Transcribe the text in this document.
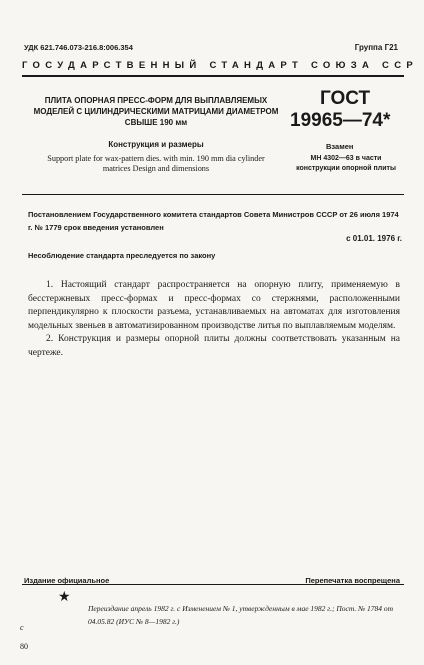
УДК 621.746.073-216.8:006.354	Группа Г21
ГОСУДАРСТВЕННЫЙ СТАНДАРТ СОЮЗА ССР
ПЛИТА ОПОРНАЯ ПРЕСС-ФОРМ ДЛЯ ВЫПЛАВЛЯЕМЫХ МОДЕЛЕЙ С ЦИЛИНДРИЧЕСКИМИ МАТРИЦАМИ ДИАМЕТРОМ СВЫШЕ 190 мм
Конструкция и размеры
Support plate for wax-pattern dies. with min. 190 mm dia cylinder matrices Design and dimensions
ГОСТ
19965—74*
Взамен
МН 4302—63 в части конструкции опорной плиты
Постановлением Государственного комитета стандартов Совета Министров СССР от 26 июля 1974 г. № 1779 срок введения установлен
с 01.01. 1976 г.
Несоблюдение стандарта преследуется по закону

1. Настоящий стандарт распространяется на опорную плиту, применяемую в бесстержневых пресс-формах и пресс-формах со стержнями, расположенными перпендикулярно к плоскости разъема, устанавливаемых на автоматах для изготовления модельных звеньев в автоматизированном производстве литья по выплавляемым моделям.

2. Конструкция и размеры опорной плиты должны соответствовать указанным на чертеже.

Издание официальное	Перепечатка воспрещена
★
Переиздание апрель 1982 г. с Изменением № 1, утвержденным в мае 1982 г.; Пост. № 1784 от 04.05.82 (ИУС № 8—1982 г.)
с
80
